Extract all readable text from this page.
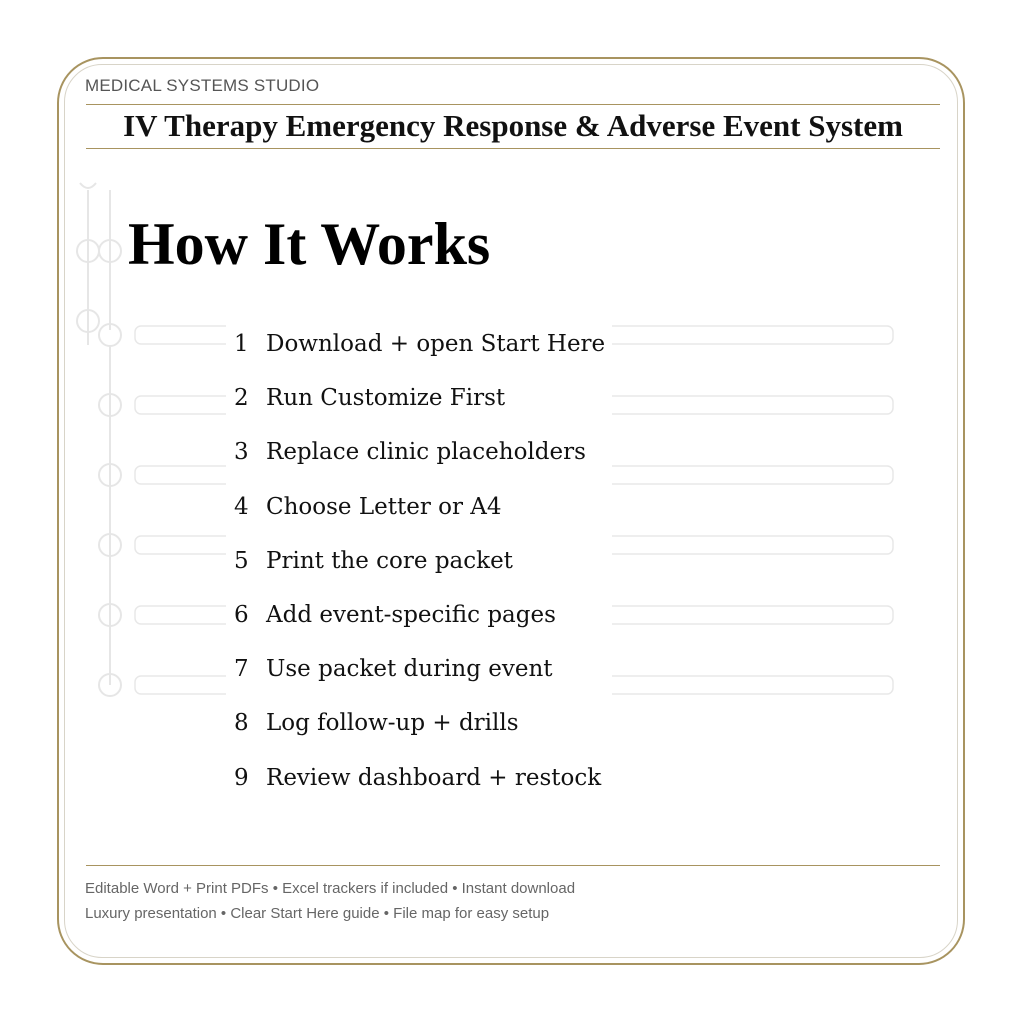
MEDICAL SYSTEMS STUDIO
IV Therapy Emergency Response & Adverse Event System
How It Works
1 Download + open Start Here
2 Run Customize First
3 Replace clinic placeholders
4 Choose Letter or A4
5 Print the core packet
6 Add event-specific pages
7 Use packet during event
8 Log follow-up + drills
9 Review dashboard + restock
Editable Word + Print PDFs • Excel trackers if included • Instant download
Luxury presentation • Clear Start Here guide • File map for easy setup
